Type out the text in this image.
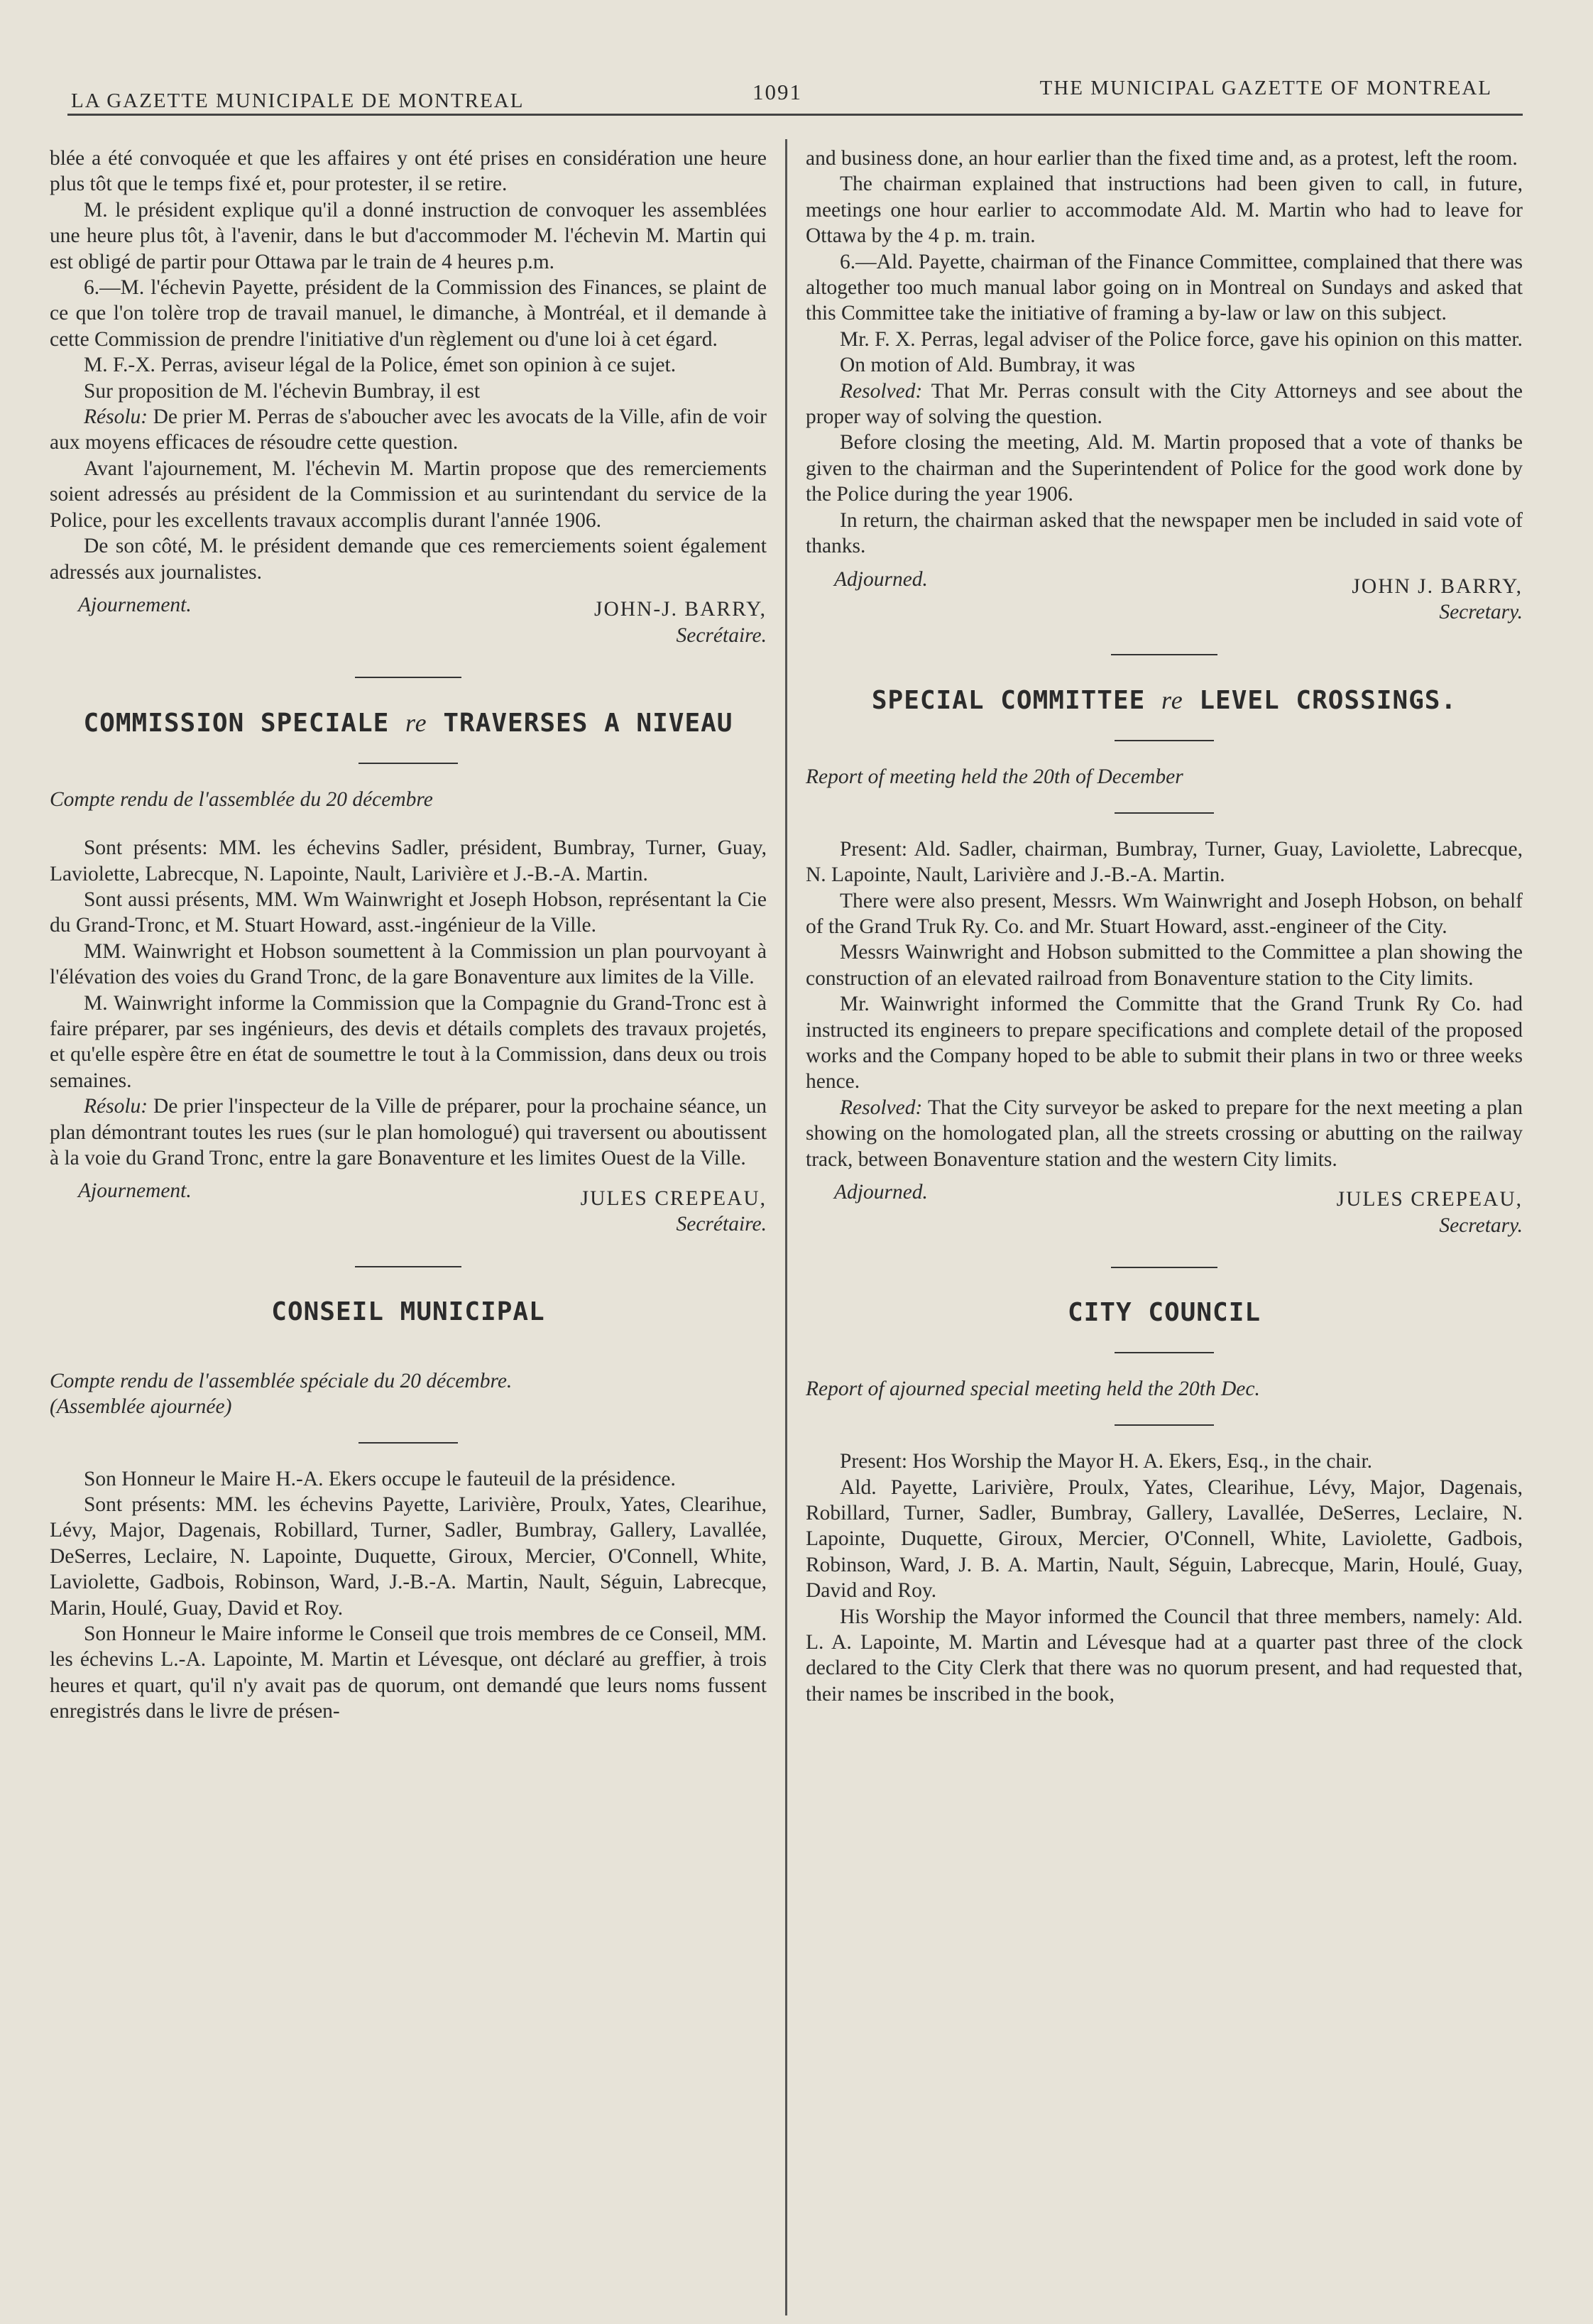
LA GAZETTE MUNICIPALE DE MONTREAL	1091	THE MUNICIPAL GAZETTE OF MONTREAL

blée a été convoquée et que les affaires y ont été prises en considération une heure plus tôt que le temps fixé et, pour protester, il se retire.

M. le président explique qu'il a donné instruction de convoquer les assemblées une heure plus tôt, à l'avenir, dans le but d'accommoder M. l'échevin M. Martin qui est obligé de partir pour Ottawa par le train de 4 heures p.m.

6.—M. l'échevin Payette, président de la Commission des Finances, se plaint de ce que l'on tolère trop de travail manuel, le dimanche, à Montréal, et il demande à cette Commission de prendre l'initiative d'un règlement ou d'une loi à cet égard.

M. F.-X. Perras, aviseur légal de la Police, émet son opinion à ce sujet.

Sur proposition de M. l'échevin Bumbray, il est

Résolu: De prier M. Perras de s'aboucher avec les avocats de la Ville, afin de voir aux moyens efficaces de résoudre cette question.

Avant l'ajournement, M. l'échevin M. Martin propose que des remerciements soient adressés au président de la Commission et au surintendant du service de la Police, pour les excellents travaux accomplis durant l'année 1906.

De son côté, M. le président demande que ces remerciements soient également adressés aux journalistes.

Ajournement.	JOHN-J. BARRY,
Secrétaire.
COMMISSION SPECIALE re TRAVERSES A NIVEAU

Compte rendu de l'assemblée du 20 décembre

Sont présents: MM. les échevins Sadler, président, Bumbray, Turner, Guay, Laviolette, Labrecque, N. Lapointe, Nault, Larivière et J.-B.-A. Martin.

Sont aussi présents, MM. Wm Wainwright et Joseph Hobson, représentant la Cie du Grand-Tronc, et M. Stuart Howard, asst.-ingénieur de la Ville.

MM. Wainwright et Hobson soumettent à la Commission un plan pourvoyant à l'élévation des voies du Grand Tronc, de la gare Bonaventure aux limites de la Ville.

M. Wainwright informe la Commission que la Compagnie du Grand-Tronc est à faire préparer, par ses ingénieurs, des devis et détails complets des travaux projetés, et qu'elle espère être en état de soumettre le tout à la Commission, dans deux ou trois semaines.

Résolu: De prier l'inspecteur de la Ville de préparer, pour la prochaine séance, un plan démontrant toutes les rues (sur le plan homologué) qui traversent ou aboutissent à la voie du Grand Tronc, entre la gare Bonaventure et les limites Ouest de la Ville.

Ajournement.	JULES CREPEAU,
Secrétaire.
CONSEIL MUNICIPAL

Compte rendu de l'assemblée spéciale du 20 décembre.

(Assemblée ajournée)

Son Honneur le Maire H.-A. Ekers occupe le fauteuil de la présidence.

Sont présents: MM. les échevins Payette, Larivière, Proulx, Yates, Clearihue, Lévy, Major, Dagenais, Robillard, Turner, Sadler, Bumbray, Gallery, Lavallée, DeSerres, Leclaire, N. Lapointe, Duquette, Giroux, Mercier, O'Connell, White, Laviolette, Gadbois, Robinson, Ward, J.-B.-A. Martin, Nault, Séguin, Labrecque, Marin, Houlé, Guay, David et Roy.

Son Honneur le Maire informe le Conseil que trois membres de ce Conseil, MM. les échevins L.-A. Lapointe, M. Martin et Lévesque, ont déclaré au greffier, à trois heures et quart, qu'il n'y avait pas de quorum, ont demandé que leurs noms fussent enregistrés dans le livre de présen-

and business done, an hour earlier than the fixed time and, as a protest, left the room.

The chairman explained that instructions had been given to call, in future, meetings one hour earlier to accommodate Ald. M. Martin who had to leave for Ottawa by the 4 p. m. train.

6.—Ald. Payette, chairman of the Finance Committee, complained that there was altogether too much manual labor going on in Montreal on Sundays and asked that this Committee take the initiative of framing a by-law or law on this subject.

Mr. F. X. Perras, legal adviser of the Police force, gave his opinion on this matter.

On motion of Ald. Bumbray, it was

Resolved: That Mr. Perras consult with the City Attorneys and see about the proper way of solving the question.

Before closing the meeting, Ald. M. Martin proposed that a vote of thanks be given to the chairman and the Superintendent of Police for the good work done by the Police during the year 1906.

In return, the chairman asked that the newspaper men be included in said vote of thanks.

Adjourned.	JOHN J. BARRY,
Secretary.
SPECIAL COMMITTEE re LEVEL CROSSINGS.

Report of meeting held the 20th of December

Present: Ald. Sadler, chairman, Bumbray, Turner, Guay, Laviolette, Labrecque, N. Lapointe, Nault, Larivière and J.-B.-A. Martin.

There were also present, Messrs. Wm Wainwright and Joseph Hobson, on behalf of the Grand Truk Ry. Co. and Mr. Stuart Howard, asst.-engineer of the City.

Messrs Wainwright and Hobson submitted to the Committee a plan showing the construction of an elevated railroad from Bonaventure station to the City limits.

Mr. Wainwright informed the Committe that the Grand Trunk Ry Co. had instructed its engineers to prepare specifications and complete detail of the proposed works and the Company hoped to be able to submit their plans in two or three weeks hence.

Resolved: That the City surveyor be asked to prepare for the next meeting a plan showing on the homologated plan, all the streets crossing or abutting on the railway track, between Bonaventure station and the western City limits.

Adjourned.	JULES CREPEAU,
Secretary.
CITY COUNCIL

Report of ajourned special meeting held the 20th Dec.

Present: Hos Worship the Mayor H. A. Ekers, Esq., in the chair.

Ald. Payette, Larivière, Proulx, Yates, Clearihue, Lévy, Major, Dagenais, Robillard, Turner, Sadler, Bumbray, Gallery, Lavallée, DeSerres, Leclaire, N. Lapointe, Duquette, Giroux, Mercier, O'Connell, White, Laviolette, Gadbois, Robinson, Ward, J. B. A. Martin, Nault, Séguin, Labrecque, Marin, Houlé, Guay, David and Roy.

His Worship the Mayor informed the Council that three members, namely: Ald. L. A. Lapointe, M. Martin and Lévesque had at a quarter past three of the clock declared to the City Clerk that there was no quorum present, and had requested that, their names be inscribed in the book,
